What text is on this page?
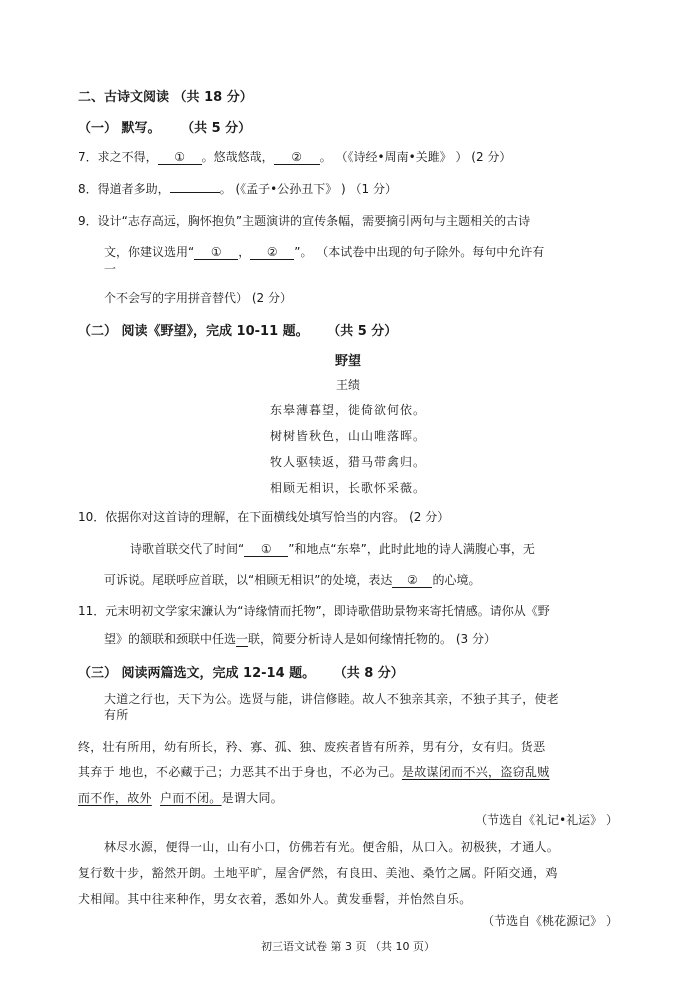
二、古诗文阅读 （共 18 分）
（一） 默写。 （共 5 分）
7．求之不得， ① 。悠哉悠哉， ② 。 （《诗经•周南•关雎》 ） (2 分）
8．得道者多助，	。 (《孟子•公孙丑下》 ) （1 分）
9．设计“志存高远，胸怀抱负”主题演讲的宣传条幅，需要摘引两句与主题相关的古诗
文，你建议选用“ ① ， ② ”。 （本试卷中出现的句子除外。每句中允许有
一
个不会写的字用拼音替代） (2 分）
（二） 阅读《野望》，完成 10-11 题。 （共 5 分）
野望
王绩
东皋薄暮望，徙倚欲何依。
树树皆秋色，山山唯落晖。
牧人驱犊返，猎马带禽归。
相顾无相识，长歌怀采薇。
10．依据你对这首诗的理解，在下面横线处填写恰当的内容。 (2 分）
诗歌首联交代了时间“ ① ”和地点“东皋”，此时此地的诗人满腹心事，无
可诉说。尾联呼应首联，以“相顾无相识”的处境，表达 ② 的心境。
11．元末明初文学家宋濂认为“诗缘情而托物”，即诗歌借助景物来寄托情感。请你从《野
望》的颔联和颈联中任选一联，简要分析诗人是如何缘情托物的。 (3 分）
（三） 阅读两篇选文，完成 12-14 题。 （共 8 分）
大道之行也，天下为公。选贤与能，讲信修睦。故人不独亲其亲，不独子其子，使老
有所
终，壮有所用，幼有所长，矜、寡、孤、独、废疾者皆有所养，男有分，女有归。货恶
其弃于 地也，不必藏于己；力恶其不出于身也，不必为己。是故谋闭而不兴，盗窃乱贼
而不作，故外 户而不闭。是谓大同。
（节选自《礼记•礼运》 ）
林尽水源，便得一山，山有小口，仿佛若有光。便舍船，从口入。初极狭，才通人。
复行数十步，豁然开朗。土地平旷，屋舍俨然，有良田、美池、桑竹之属。阡陌交通，鸡
犬相闻。其中往来种作，男女衣着，悉如外人。黄发垂髫，并怡然自乐。
（节选自《桃花源记》 ）
初三语文试卷 第 3 页 （共 10 页）
